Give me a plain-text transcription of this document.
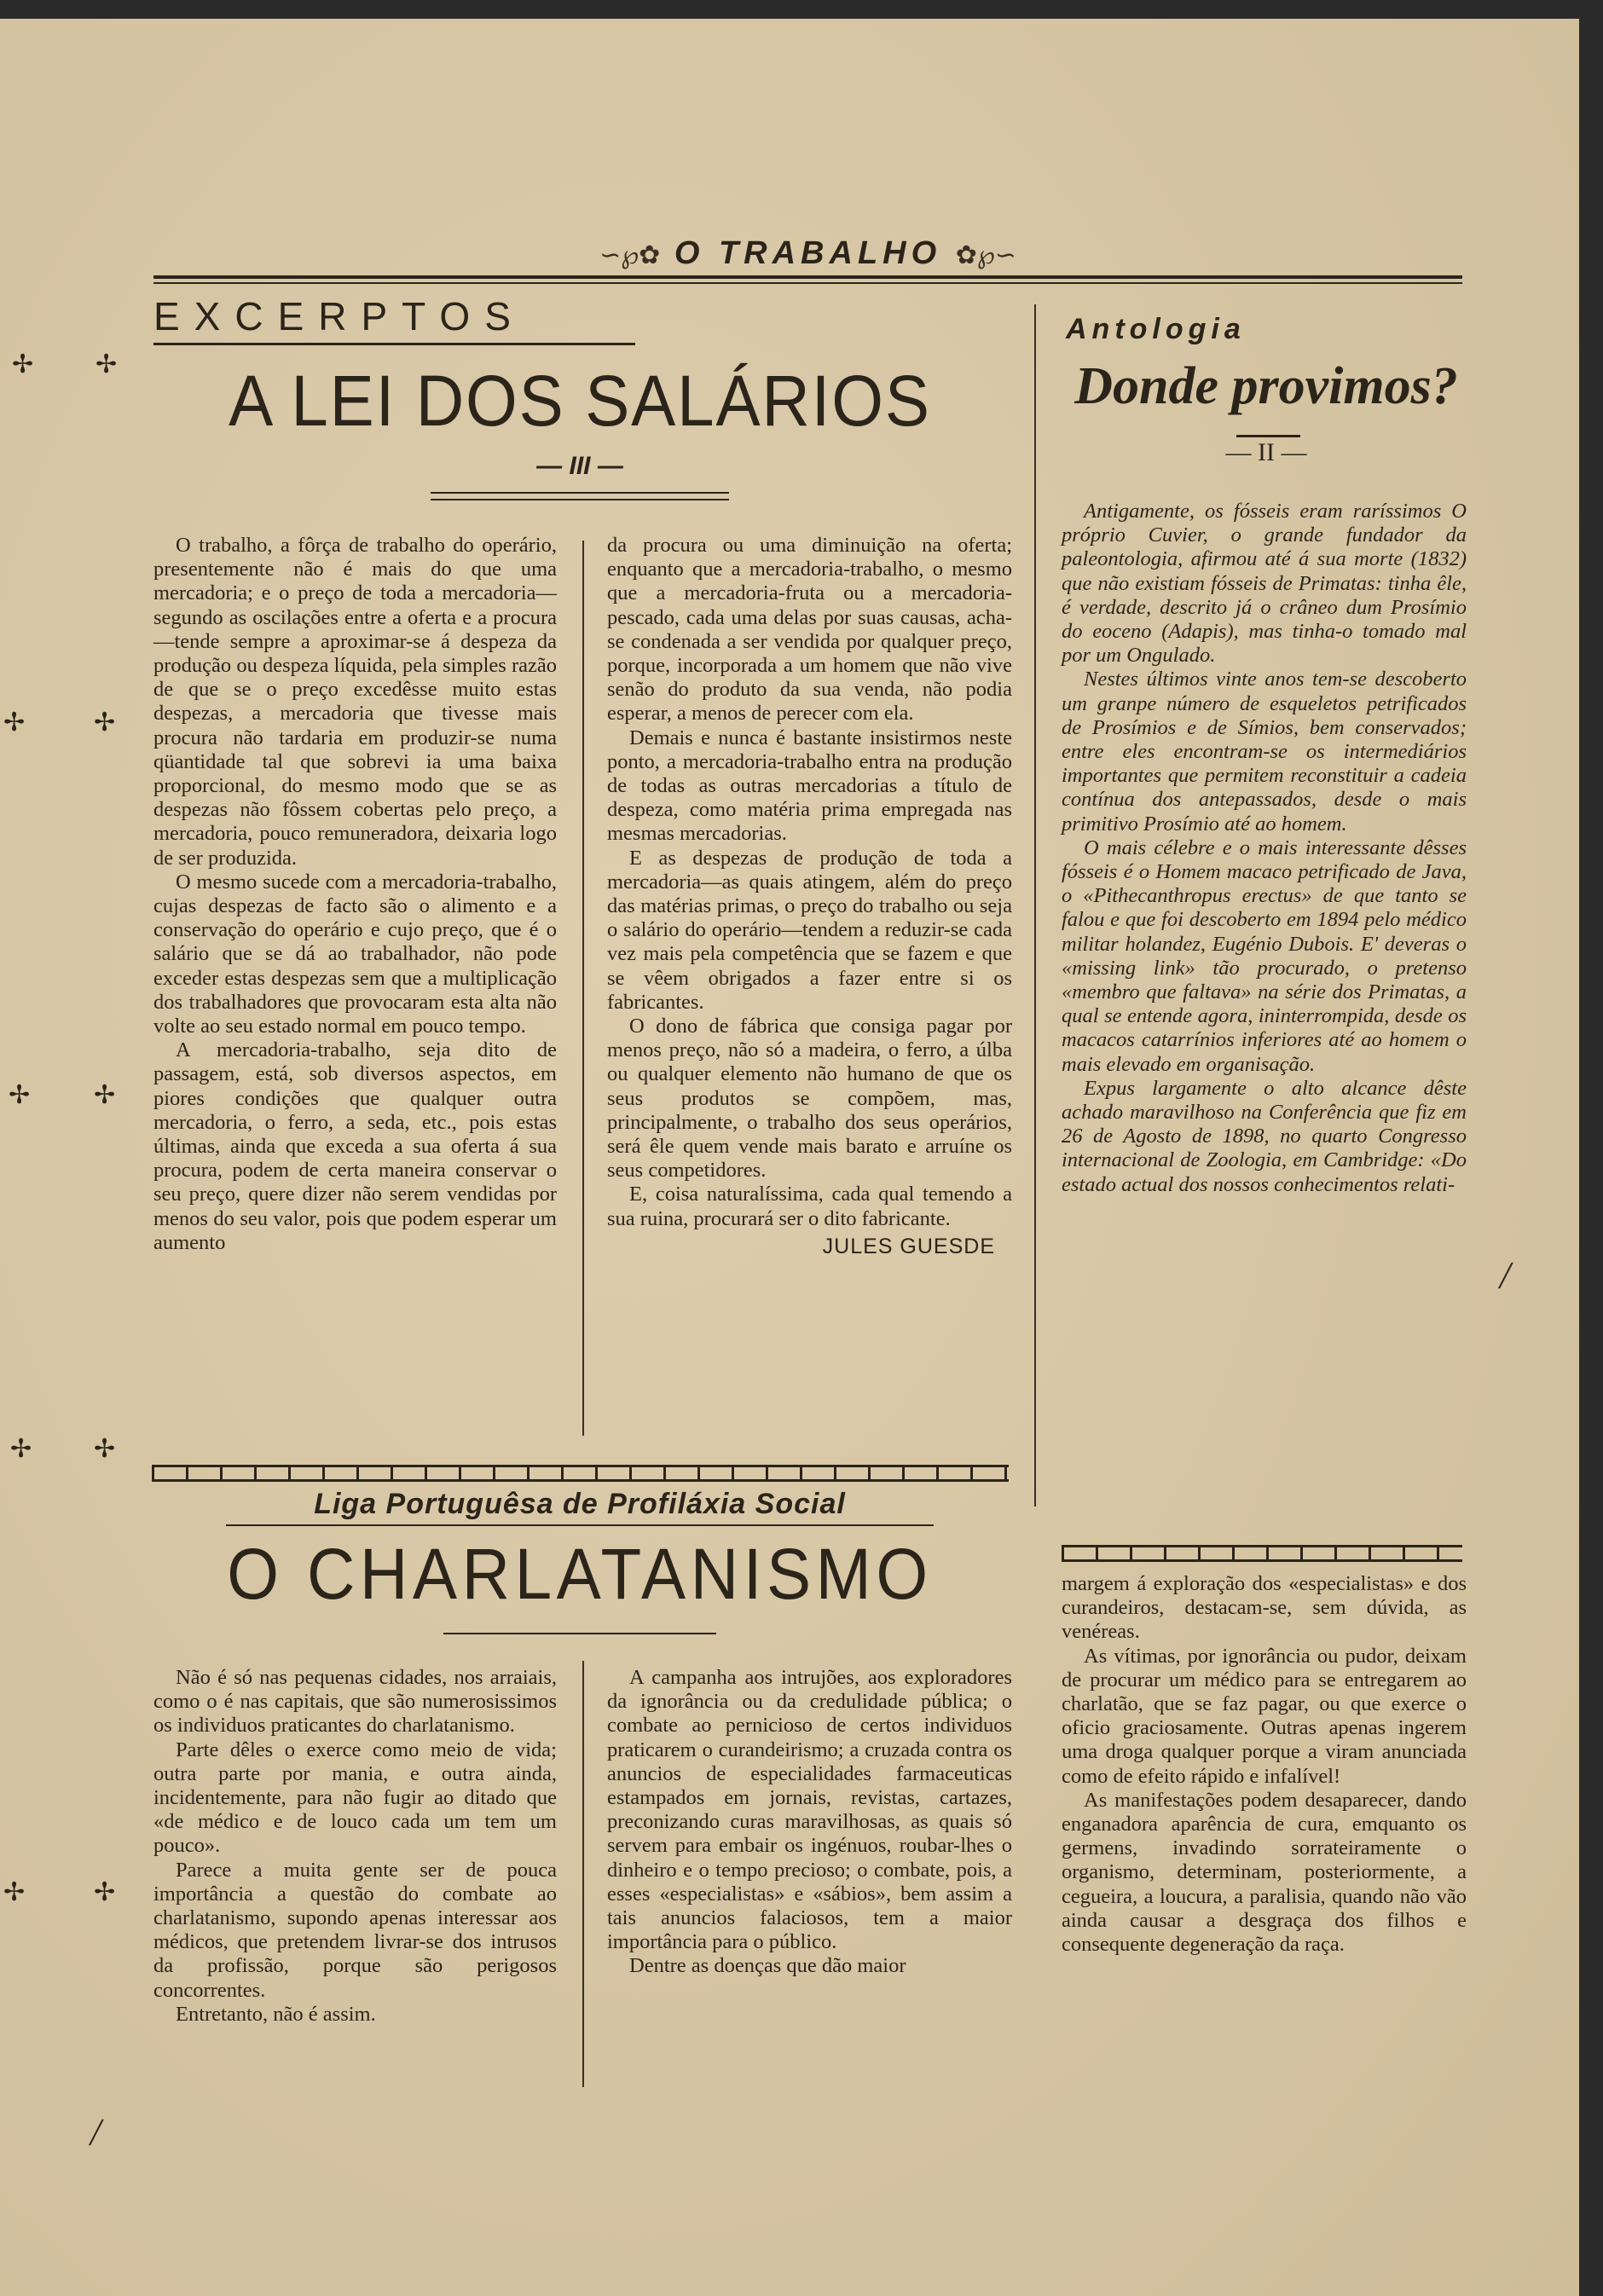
✢ ✢
✢	✢
✢ ✢
✢ ✢
✢	✢
∽℘✿ O TRABALHO ✿℘∽
EXCERPTOS
A LEI DOS SALÁRIOS
— III —

O trabalho, a fôrça de trabalho do operário, presentemente não é mais do que uma mercadoria; e o preço de toda a mercadoria—segundo as oscilações entre a oferta e a procura—tende sempre a aproximar-se á despeza da produção ou despeza líquida, pela simples razão de que se o preço excedêsse muito estas despezas, a mercadoria que tivesse mais procura não tardaria em produzir-se numa qüantidade tal que sobrevi ia uma baixa proporcional, do mesmo modo que se as despezas não fôssem cobertas pelo preço, a mercadoria, pouco remuneradora, deixaria logo de ser produzida.

O mesmo sucede com a mercadoria-trabalho, cujas despezas de facto são o alimento e a conservação do operário e cujo preço, que é o salário que se dá ao trabalhador, não pode exceder estas despezas sem que a multiplicação dos trabalhadores que provocaram esta alta não volte ao seu estado normal em pouco tempo.

A mercadoria-trabalho, seja dito de passagem, está, sob diversos aspectos, em piores condições que qualquer outra mercadoria, o ferro, a seda, etc., pois estas últimas, ainda que exceda a sua oferta á sua procura, podem de certa maneira conservar o seu preço, quere dizer não serem vendidas por menos do seu valor, pois que podem esperar um aumento

da procura ou uma diminuição na oferta; enquanto que a mercadoria-trabalho, o mesmo que a mercadoria-fruta ou a mercadoria-pescado, cada uma delas por suas causas, acha-se condenada a ser vendida por qualquer preço, porque, incorporada a um homem que não vive senão do produto da sua venda, não podia esperar, a menos de perecer com ela.

Demais e nunca é bastante insistirmos neste ponto, a mercadoria-trabalho entra na produção de todas as outras mercadorias a título de despeza, como matéria prima empregada nas mesmas mercadorias.

E as despezas de produção de toda a mercadoria—as quais atingem, além do preço das matérias primas, o preço do trabalho ou seja o salário do operário—tendem a reduzir-se cada vez mais pela competência que se fazem e que se vêem obrigados a fazer entre si os fabricantes.

O dono de fábrica que consiga pagar por menos preço, não só a madeira, o ferro, a úlba ou qualquer elemento não humano de que os seus produtos se compõem, mas, principalmente, o trabalho dos seus operários, será êle quem vende mais barato e arruíne os seus competidores.

E, coisa naturalíssima, cada qual temendo a sua ruina, procurará ser o dito fabricante.

JULES GUESDE
Liga Portuguêsa de Profiláxia Social
O CHARLATANISMO

Não é só nas pequenas cidades, nos arraiais, como o é nas capitais, que são numerosissimos os individuos praticantes do charlatanismo.

Parte dêles o exerce como meio de vida; outra parte por mania, e outra ainda, incidentemente, para não fugir ao ditado que «de médico e de louco cada um tem um pouco».

Parece a muita gente ser de pouca importância a questão do combate ao charlatanismo, supondo apenas interessar aos médicos, que pretendem livrar-se dos intrusos da profissão, porque são perigosos concorrentes.

Entretanto, não é assim.

A campanha aos intrujões, aos exploradores da ignorância ou da credulidade pública; o combate ao pernicioso de certos individuos praticarem o curandeirismo; a cruzada contra os anuncios de especialidades farmaceuticas estampados em jornais, revistas, cartazes, preconizando curas maravilhosas, as quais só servem para embair os ingénuos, roubar-lhes o dinheiro e o tempo precioso; o combate, pois, a esses «especialistas» e «sábios», bem assim a tais anuncios falaciosos, tem a maior importância para o público.

Dentre as doenças que dão maior

Antologia
Donde provimos?
— II —

Antigamente, os fósseis eram raríssimos O próprio Cuvier, o grande fundador da paleontologia, afirmou até á sua morte (1832) que não existiam fósseis de Primatas: tinha êle, é verdade, descrito já o crâneo dum Prosímio do eoceno (Adapis), mas tinha-o tomado mal por um Ongulado.

Nestes últimos vinte anos tem-se descoberto um granpe número de esqueletos petrificados de Prosímios e de Símios, bem conservados; entre eles encontram-se os intermediários importantes que permitem reconstituir a cadeia contínua dos antepassados, desde o mais primitivo Prosímio até ao homem.

O mais célebre e o mais interessante dêsses fósseis é o Homem macaco petrificado de Java, o «Pithecanthropus erectus» de que tanto se falou e que foi descoberto em 1894 pelo médico militar holandez, Eugénio Dubois. E' deveras o «missing link» tão procurado, o pretenso «membro que faltava» na série dos Primatas, a qual se entende agora, ininterrompida, desde os macacos catarrínios inferiores até ao homem o mais elevado em organisação.

Expus largamente o alto alcance dêste achado maravilhoso na Conferência que fiz em 26 de Agosto de 1898, no quarto Congresso internacional de Zoologia, em Cambridge: «Do estado actual dos nossos conhecimentos relati-

margem á exploração dos «especialistas» e dos curandeiros, destacam-se, sem dúvida, as venéreas.

As vítimas, por ignorância ou pudor, deixam de procurar um médico para se entregarem ao charlatão, que se faz pagar, ou que exerce o oficio graciosamente. Outras apenas ingerem uma droga qualquer porque a viram anunciada como de efeito rápido e infalível!

As manifestações podem desaparecer, dando enganadora aparência de cura, emquanto os germens, invadindo sorrateiramente o organismo, determinam, posteriormente, a cegueira, a loucura, a paralisia, quando não vão ainda causar a desgraça dos filhos e consequente degeneração da raça.

╱
╱
